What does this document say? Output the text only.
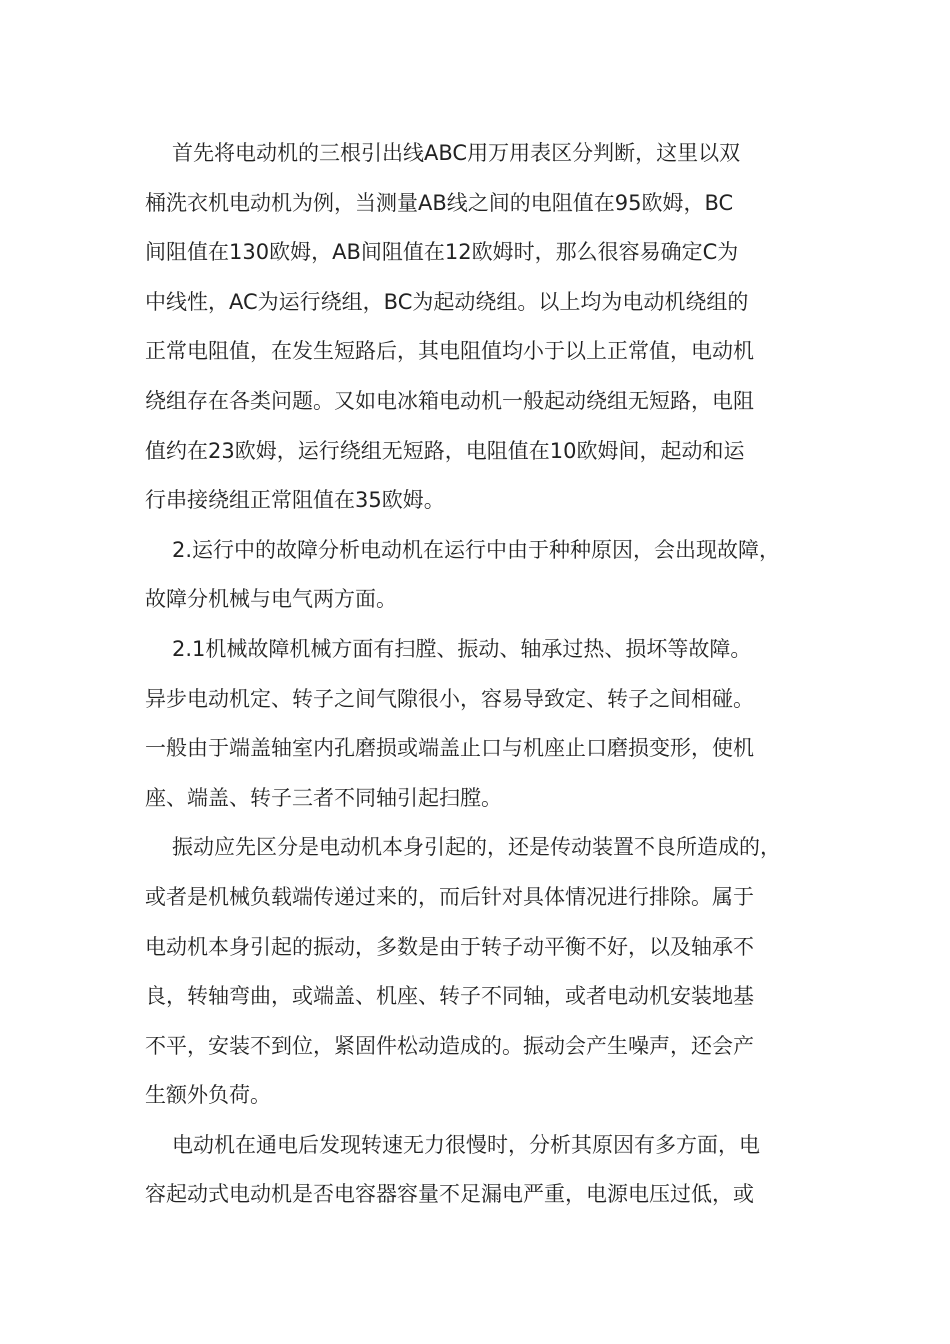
首先将电动机的三根引出线ABC用万用表区分判断，这里以双
桶洗衣机电动机为例，当测量AB线之间的电阻值在95欧姆，BC
间阻值在130欧姆，AB间阻值在12欧姆时，那么很容易确定C为
中线性，AC为运行绕组，BC为起动绕组。以上均为电动机绕组的
正常电阻值，在发生短路后，其电阻值均小于以上正常值，电动机
绕组存在各类问题。又如电冰箱电动机一般起动绕组无短路，电阻
值约在23欧姆，运行绕组无短路，电阻值在10欧姆间，起动和运
行串接绕组正常阻值在35欧姆。
2.运行中的故障分析电动机在运行中由于种种原因，会出现故障，
故障分机械与电气两方面。
2.1机械故障机械方面有扫膛、振动、轴承过热、损坏等故障。
异步电动机定、转子之间气隙很小，容易导致定、转子之间相碰。
一般由于端盖轴室内孔磨损或端盖止口与机座止口磨损变形，使机
座、端盖、转子三者不同轴引起扫膛。
振动应先区分是电动机本身引起的，还是传动装置不良所造成的，
或者是机械负载端传递过来的，而后针对具体情况进行排除。属于
电动机本身引起的振动，多数是由于转子动平衡不好，以及轴承不
良，转轴弯曲，或端盖、机座、转子不同轴，或者电动机安装地基
不平，安装不到位，紧固件松动造成的。振动会产生噪声，还会产
生额外负荷。
电动机在通电后发现转速无力很慢时，分析其原因有多方面，电
容起动式电动机是否电容器容量不足漏电严重，电源电压过低，或
